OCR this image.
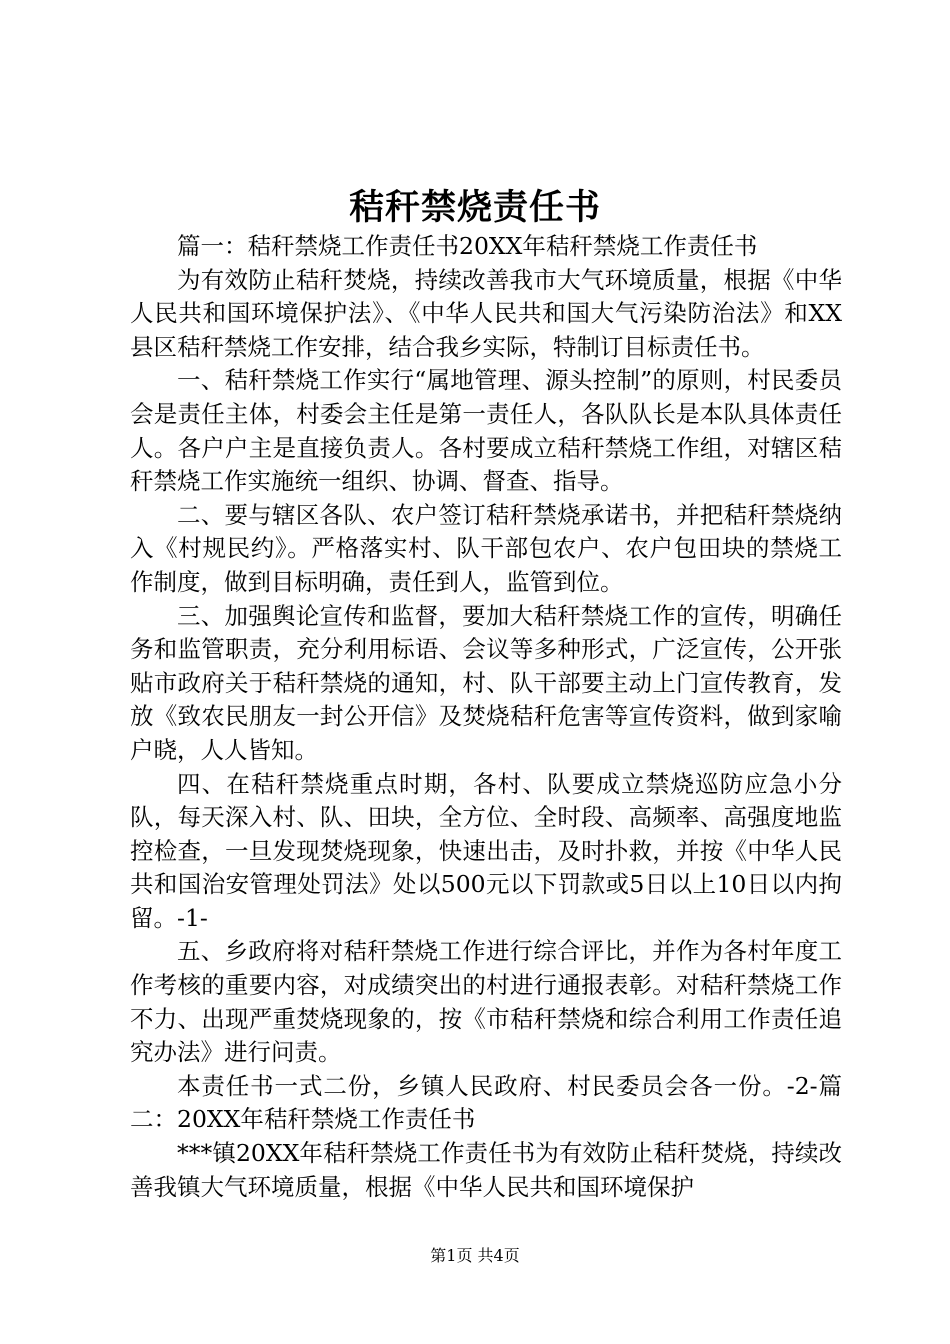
秸秆禁烧责任书

篇一：秸秆禁烧工作责任书20XX年秸秆禁烧工作责任书

为有效防止秸秆焚烧，持续改善我市大气环境质量，根据《中华人民共和国环境保护法》、《中华人民共和国大气污染防治法》和XX县区秸秆禁烧工作安排，结合我乡实际，特制订目标责任书。

一、秸秆禁烧工作实行“属地管理、源头控制”的原则，村民委员会是责任主体，村委会主任是第一责任人，各队队长是本队具体责任人。各户户主是直接负责人。各村要成立秸秆禁烧工作组，对辖区秸秆禁烧工作实施统一组织、协调、督查、指导。

二、要与辖区各队、农户签订秸秆禁烧承诺书，并把秸秆禁烧纳入《村规民约》。严格落实村、队干部包农户、农户包田块的禁烧工作制度，做到目标明确，责任到人，监管到位。

三、加强舆论宣传和监督，要加大秸秆禁烧工作的宣传，明确任务和监管职责，充分利用标语、会议等多种形式，广泛宣传，公开张贴市政府关于秸秆禁烧的通知，村、队干部要主动上门宣传教育，发放《致农民朋友一封公开信》及焚烧秸秆危害等宣传资料，做到家喻户晓，人人皆知。

四、在秸秆禁烧重点时期，各村、队要成立禁烧巡防应急小分队，每天深入村、队、田块，全方位、全时段、高频率、高强度地监控检查，一旦发现焚烧现象，快速出击，及时扑救，并按《中华人民共和国治安管理处罚法》处以500元以下罚款或5日以上10日以内拘留。-1-

五、乡政府将对秸秆禁烧工作进行综合评比，并作为各村年度工作考核的重要内容，对成绩突出的村进行通报表彰。对秸秆禁烧工作不力、出现严重焚烧现象的，按《市秸秆禁烧和综合利用工作责任追究办法》进行问责。

本责任书一式二份，乡镇人民政府、村民委员会各一份。-2-篇二：20XX年秸秆禁烧工作责任书

***镇20XX年秸秆禁烧工作责任书为有效防止秸秆焚烧，持续改善我镇大气环境质量，根据《中华人民共和国环境保护

第1页 共4页
